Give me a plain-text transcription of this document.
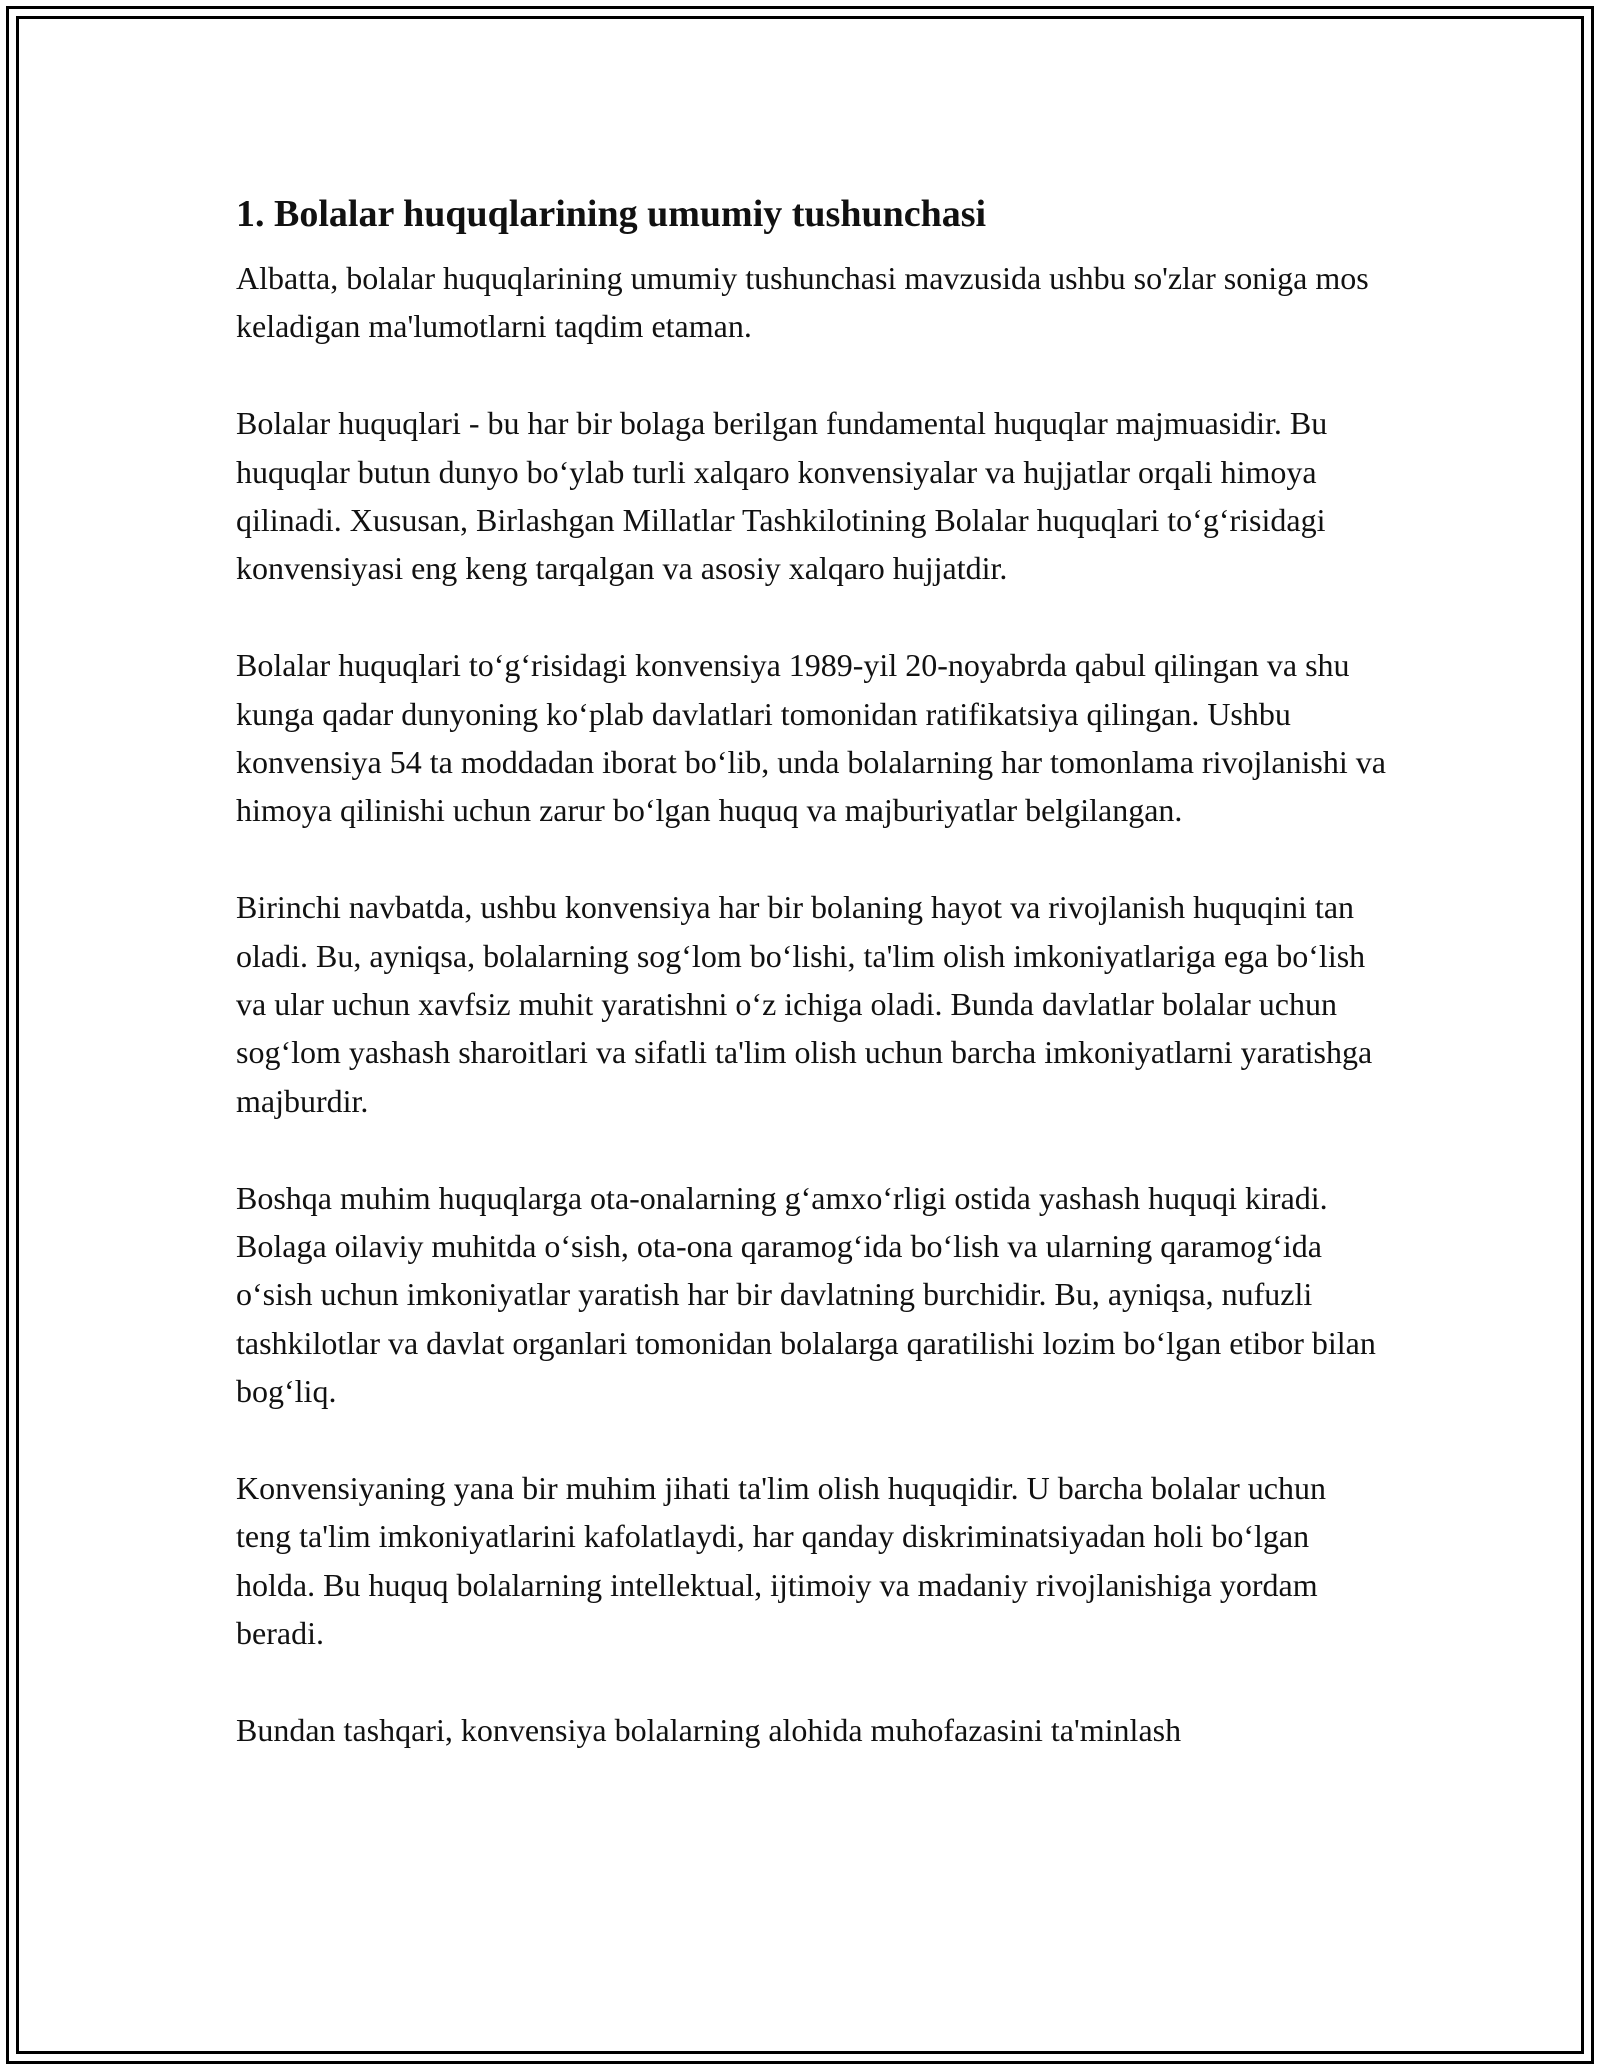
1. Bolalar huquqlarining umumiy tushunchasi

Albatta, bolalar huquqlarining umumiy tushunchasi mavzusida ushbu so'zlar soniga mos keladigan ma'lumotlarni taqdim etaman.

Bolalar huquqlari - bu har bir bolaga berilgan fundamental huquqlar majmuasidir. Bu huquqlar butun dunyo bo‘ylab turli xalqaro konvensiyalar va hujjatlar orqali himoya qilinadi. Xususan, Birlashgan Millatlar Tashkilotining Bolalar huquqlari to‘g‘risidagi konvensiyasi eng keng tarqalgan va asosiy xalqaro hujjatdir.

Bolalar huquqlari to‘g‘risidagi konvensiya 1989-yil 20-noyabrda qabul qilingan va shu kunga qadar dunyoning ko‘plab davlatlari tomonidan ratifikatsiya qilingan. Ushbu konvensiya 54 ta moddadan iborat bo‘lib, unda bolalarning har tomonlama rivojlanishi va himoya qilinishi uchun zarur bo‘lgan huquq va majburiyatlar belgilangan.

Birinchi navbatda, ushbu konvensiya har bir bolaning hayot va rivojlanish huquqini tan oladi. Bu, ayniqsa, bolalarning sog‘lom bo‘lishi, ta'lim olish imkoniyatlariga ega bo‘lish va ular uchun xavfsiz muhit yaratishni o‘z ichiga oladi. Bunda davlatlar bolalar uchun sog‘lom yashash sharoitlari va sifatli ta'lim olish uchun barcha imkoniyatlarni yaratishga majburdir.

Boshqa muhim huquqlarga ota-onalarning g‘amxo‘rligi ostida yashash huquqi kiradi. Bolaga oilaviy muhitda o‘sish, ota-ona qaramog‘ida bo‘lish va ularning qaramog‘ida o‘sish uchun imkoniyatlar yaratish har bir davlatning burchidir. Bu, ayniqsa, nufuzli tashkilotlar va davlat organlari tomonidan bolalarga qaratilishi lozim bo‘lgan etibor bilan bog‘liq.

Konvensiyaning yana bir muhim jihati ta'lim olish huquqidir. U barcha bolalar uchun teng ta'lim imkoniyatlarini kafolatlaydi, har qanday diskriminatsiyadan holi bo‘lgan holda. Bu huquq bolalarning intellektual, ijtimoiy va madaniy rivojlanishiga yordam beradi.

Bundan tashqari, konvensiya bolalarning alohida muhofazasini ta'minlash
